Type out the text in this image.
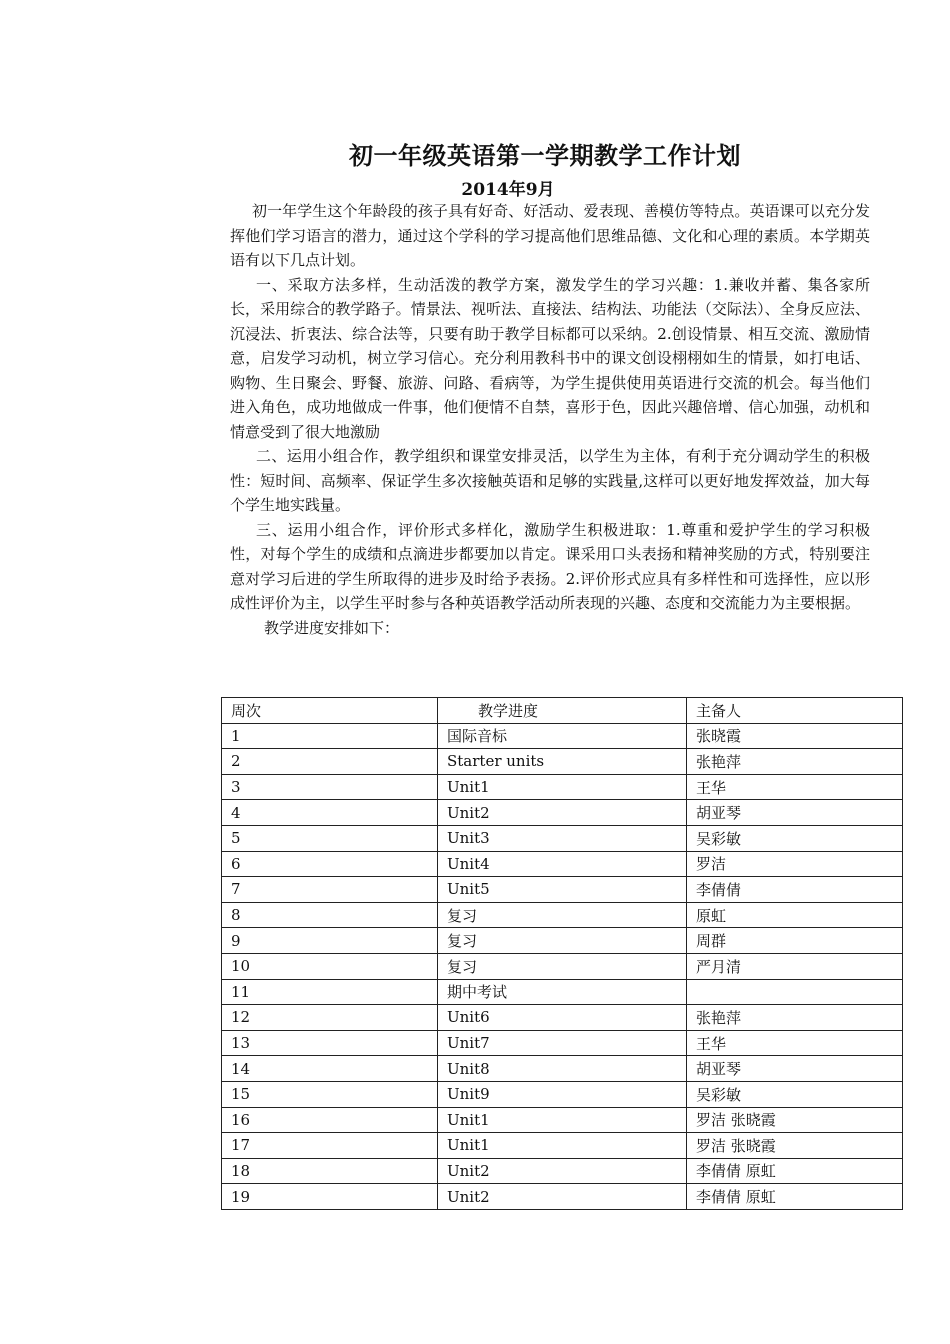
初一年级英语第一学期教学工作计划
2014年9月

初一年学生这个年龄段的孩子具有好奇、好活动、爱表现、善模仿等特点。英语课可以充分发挥他们学习语言的潜力，通过这个学科的学习提高他们思维品德、文化和心理的素质。本学期英语有以下几点计划。

一、采取方法多样，生动活泼的教学方案，激发学生的学习兴趣：1.兼收并蓄、集各家所长，采用综合的教学路子。情景法、视听法、直接法、结构法、功能法（交际法）、全身反应法、沉浸法、折衷法、综合法等，只要有助于教学目标都可以采纳。2.创设情景、相互交流、激励情意，启发学习动机，树立学习信心。充分利用教科书中的课文创设栩栩如生的情景，如打电话、购物、生日聚会、野餐、旅游、问路、看病等，为学生提供使用英语进行交流的机会。每当他们进入角色，成功地做成一件事，他们便情不自禁，喜形于色，因此兴趣倍增、信心加强，动机和情意受到了很大地激励

二、运用小组合作，教学组织和课堂安排灵活，以学生为主体，有利于充分调动学生的积极性：短时间、高频率、保证学生多次接触英语和足够的实践量,这样可以更好地发挥效益，加大每个学生地实践量。

三、运用小组合作，评价形式多样化，激励学生积极进取：1.尊重和爱护学生的学习积极性，对每个学生的成绩和点滴进步都要加以肯定。课采用口头表扬和精神奖励的方式，特别要注意对学习后进的学生所取得的进步及时给予表扬。2.评价形式应具有多样性和可选择性，应以形成性评价为主，以学生平时参与各种英语教学活动所表现的兴趣、态度和交流能力为主要根据。

教学进度安排如下：

周次	教学进度	主备人
1	国际音标	张晓霞
2	Starter units	张艳萍
3	Unit1	王华
4	Unit2	胡亚琴
5	Unit3	吴彩敏
6	Unit4	罗洁
7	Unit5	李倩倩
8	复习	原虹
9	复习	周群
10	复习	严月清
11	期中考试	
12	Unit6	张艳萍
13	Unit7	王华
14	Unit8	胡亚琴
15	Unit9	吴彩敏
16	Unit1	罗洁 张晓霞
17	Unit1	罗洁 张晓霞
18	Unit2	李倩倩 原虹
19	Unit2	李倩倩 原虹
